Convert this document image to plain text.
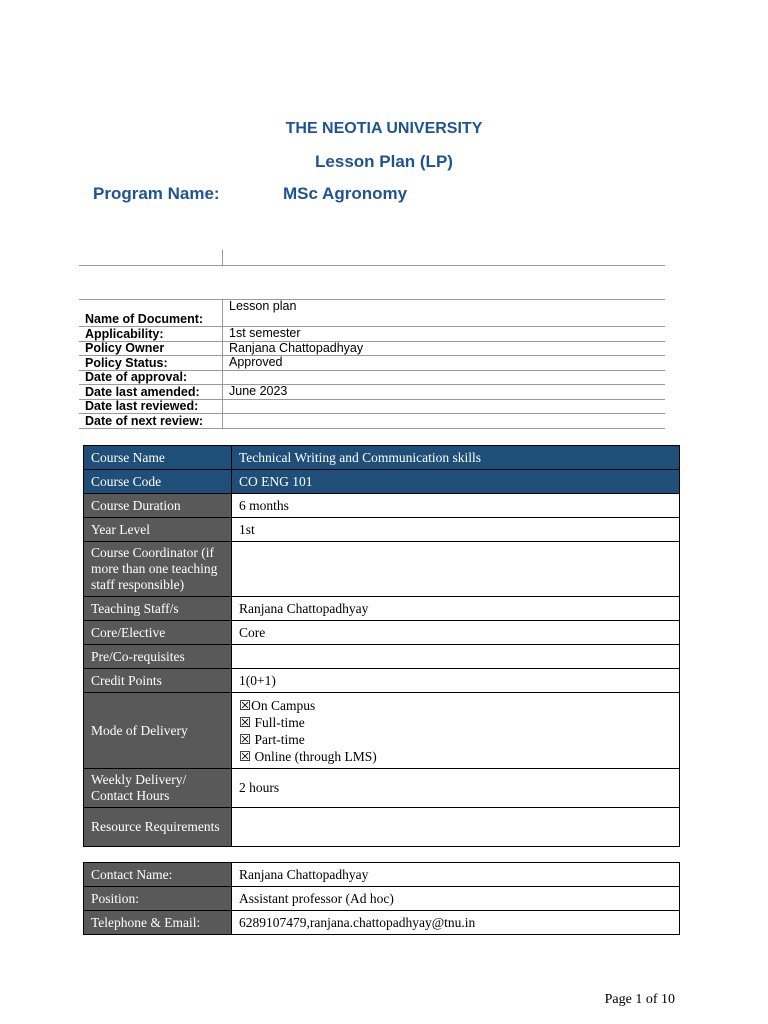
THE NEOTIA UNIVERSITY
Lesson Plan (LP)
Program Name:	MSc Agronomy
Name of Document:	Lesson plan
Applicability:	1st semester
Policy Owner	Ranjana Chattopadhyay
Policy Status:	Approved
Date of approval:	
Date last amended:	June 2023
Date last reviewed:	
Date of next review:	
Course Name	Technical Writing and Communication skills
Course Code	CO ENG 101
Course Duration	6 months
Year Level	1st
Course Coordinator (if more than one teaching staff responsible)	
Teaching Staff/s	Ranjana Chattopadhyay
Core/Elective	Core
Pre/Co-requisites	
Credit Points	1(0+1)
Mode of Delivery	☒On Campus
☒ Full-time
☒ Part-time
☒ Online (through LMS)

Weekly Delivery/ Contact Hours	2 hours
Resource Requirements	
Contact Name:	Ranjana Chattopadhyay
Position:	Assistant professor (Ad hoc)
Telephone & Email:	6289107479,ranjana.chattopadhyay@tnu.in
Page 1 of 10
